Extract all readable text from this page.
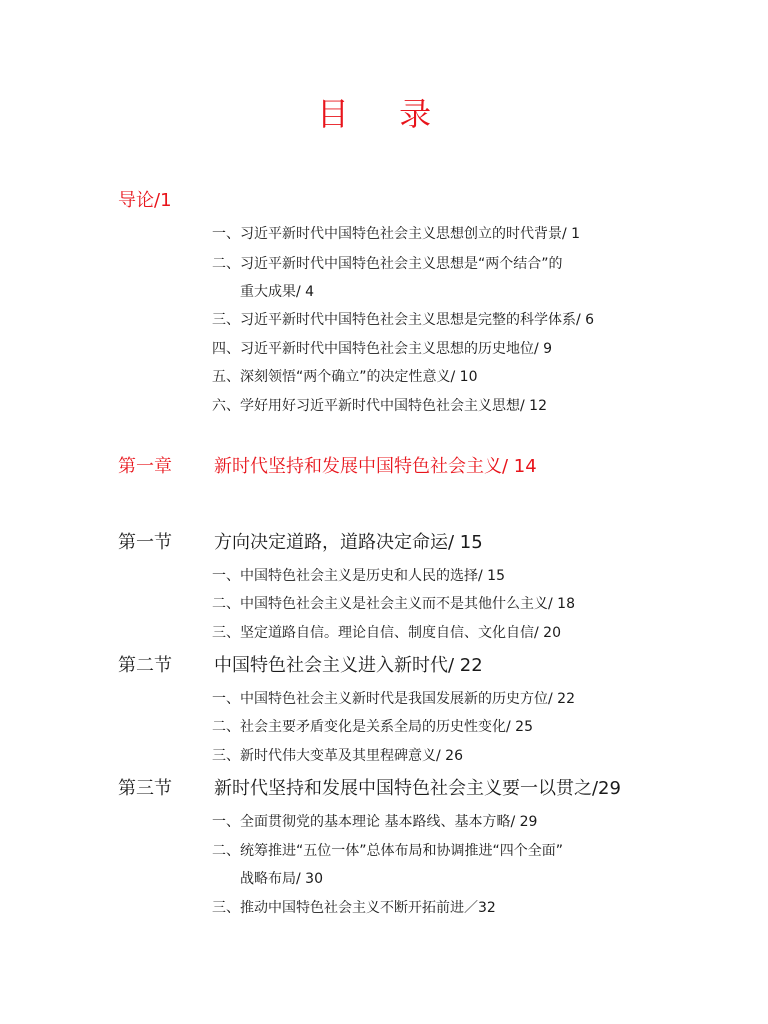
目 录
导论/1
一、习近平新时代中国特色社会主义思想创立的时代背景/ 1
二、习近平新时代中国特色社会主义思想是“两个结合”的
重大成果/ 4
三、习近平新时代中国特色社会主义思想是完整的科学体系/ 6
四、习近平新时代中国特色社会主义思想的历史地位/ 9
五、深刻领悟“两个确立”的决定性意义/ 10
六、学好用好习近平新时代中国特色社会主义思想/ 12
第一章 新时代坚持和发展中国特色社会主义/ 14
第一节 方向决定道路，道路决定命运/ 15
一、中国特色社会主义是历史和人民的选择/ 15
二、中国特色社会主义是社会主义而不是其他什么主义/ 18
三、坚定道路自信。理论自信、制度自信、文化自信/ 20
第二节 中国特色社会主义进入新时代/ 22
一、中国特色社会主义新时代是我国发展新的历史方位/ 22
二、社会主要矛盾变化是关系全局的历史性变化/ 25
三、新时代伟大变革及其里程碑意义/ 26
第三节 新时代坚持和发展中国特色社会主义要一以贯之/29
一、全面贯彻党的基本理论 基本路线、基本方略/ 29
二、统筹推进“五位一体”总体布局和协调推进“四个全面”
战略布局/ 30
三、推动中国特色社会主义不断开拓前进／32
